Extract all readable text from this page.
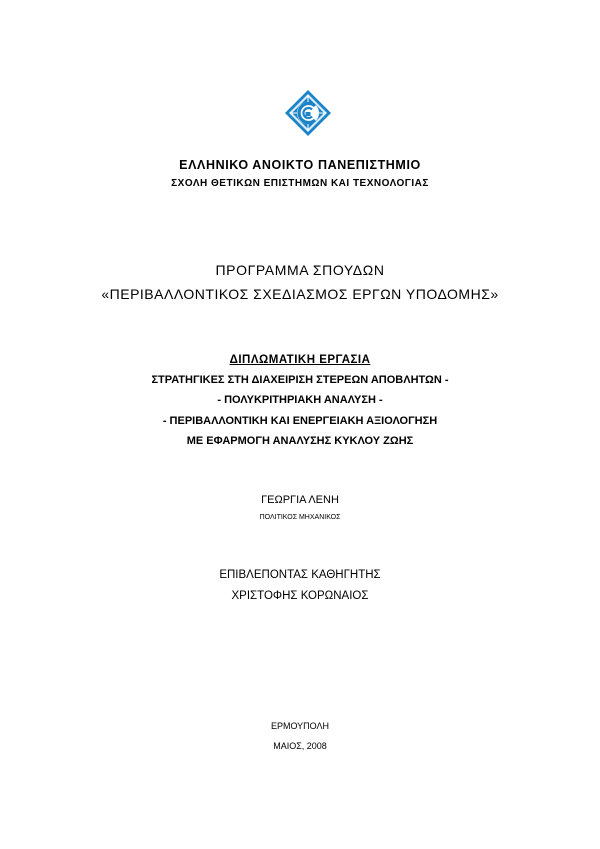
ΕΛΛΗΝΙΚΟ ΑΝΟΙΚΤΟ ΠΑΝΕΠΙΣΤΗΜΙΟ
ΣΧΟΛΗ ΘΕΤΙΚΩΝ ΕΠΙΣΤΗΜΩΝ ΚΑΙ ΤΕΧΝΟΛΟΓΙΑΣ
ΠΡΟΓΡΑΜΜΑ ΣΠΟΥΔΩΝ
«ΠΕΡΙΒΑΛΛΟΝΤΙΚΟΣ ΣΧΕΔΙΑΣΜΟΣ ΕΡΓΩΝ ΥΠΟΔΟΜΗΣ»
ΔΙΠΛΩΜΑΤΙΚΗ ΕΡΓΑΣΙΑ
ΣΤΡΑΤΗΓΙΚΕΣ ΣΤΗ ΔΙΑΧΕΙΡΙΣΗ ΣΤΕΡΕΩΝ ΑΠΟΒΛΗΤΩΝ -
- ΠΟΛΥΚΡΙΤΗΡΙΑΚΗ ΑΝΑΛΥΣΗ -
- ΠΕΡΙΒΑΛΛΟΝΤΙΚΗ ΚΑΙ ΕΝΕΡΓΕΙΑΚΗ ΑΞΙΟΛΟΓΗΣΗ
ΜΕ ΕΦΑΡΜΟΓΗ ΑΝΑΛΥΣΗΣ ΚΥΚΛΟΥ ΖΩΗΣ
ΓΕΩΡΓΙΑ ΛΕΝΗ
ΠΟΛΙΤΙΚΟΣ ΜΗΧΑΝΙΚΟΣ
ΕΠΙΒΛΕΠΟΝΤΑΣ ΚΑΘΗΓΗΤΗΣ
ΧΡΙΣΤΟΦΗΣ ΚΟΡΩΝΑΙΟΣ
ΕΡΜΟΥΠΟΛΗ
ΜΑΙΟΣ, 2008
